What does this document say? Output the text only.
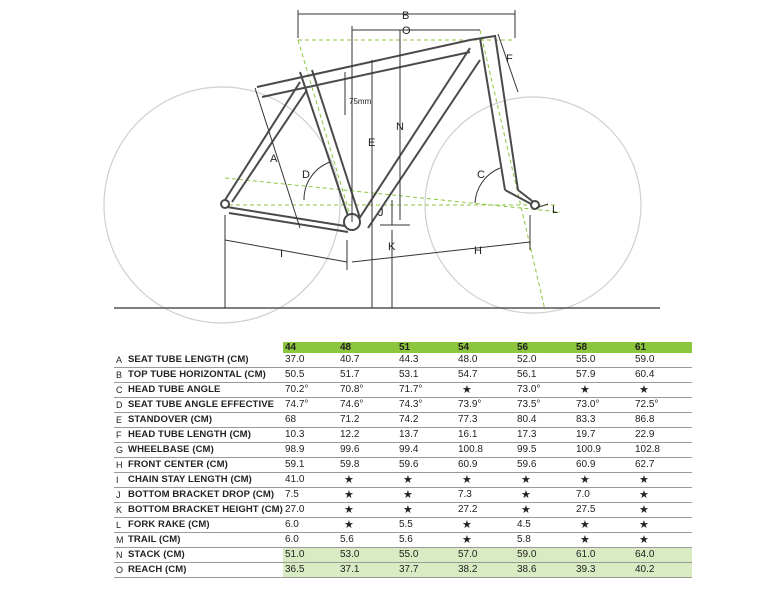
B
O
F
75mm
N
E
A
D	C
L
J
K	H
I
		44	48	51	54	56	58	61
A	SEAT TUBE LENGTH (CM)	37.0	40.7	44.3	48.0	52.0	55.0	59.0
B	TOP TUBE HORIZONTAL (CM)	50.5	51.7	53.1	54.7	56.1	57.9	60.4
C	HEAD TUBE ANGLE	70.2°	70.8°	71.7°	★	73.0°	★	★
D	SEAT TUBE ANGLE EFFECTIVE	74.7°	74.6°	74.3°	73.9°	73.5°	73.0°	72.5°
E	STANDOVER (CM)	68	71.2	74.2	77.3	80.4	83.3	86.8
F	HEAD TUBE LENGTH (CM)	10.3	12.2	13.7	16.1	17.3	19.7	22.9
G	WHEELBASE (CM)	98.9	99.6	99.4	100.8	99.5	100.9	102.8
H	FRONT CENTER (CM)	59.1	59.8	59.6	60.9	59.6	60.9	62.7
I	CHAIN STAY LENGTH (CM)	41.0	★	★	★	★	★	★
J	BOTTOM BRACKET DROP (CM)	7.5	★	★	7.3	★	7.0	★
K	BOTTOM BRACKET HEIGHT (CM)	27.0	★	★	27.2	★	27.5	★
L	FORK RAKE (CM)	6.0	★	5.5	★	4.5	★	★
M	TRAIL (CM)	6.0	5.6	5.6	★	5.8	★	★
N	STACK (CM)	51.0	53.0	55.0	57.0	59.0	61.0	64.0
O	REACH (CM)	36.5	37.1	37.7	38.2	38.6	39.3	40.2
